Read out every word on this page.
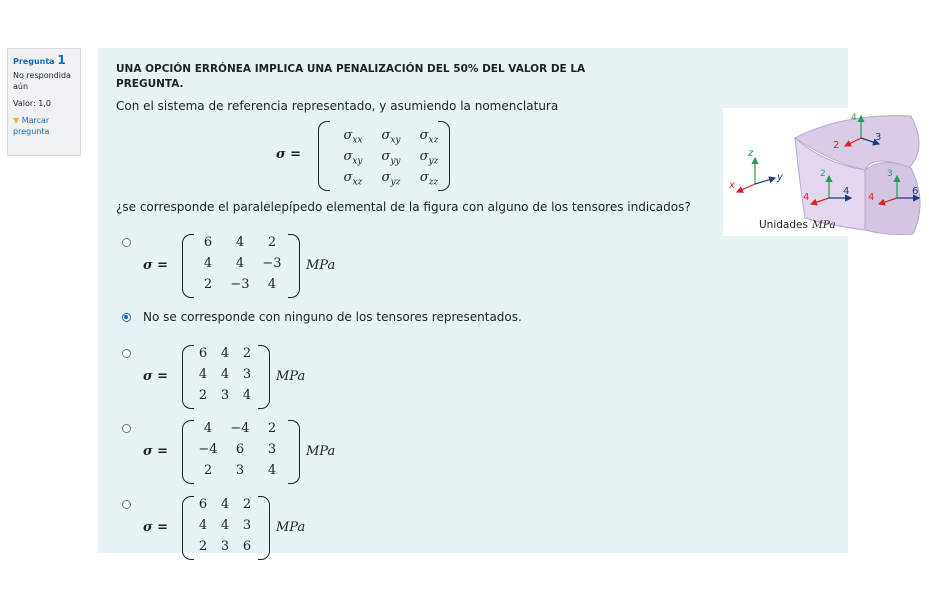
Pregunta 1
No respondida aún
Valor: 1,0
▼ Marcar pregunta
UNA OPCIÓN ERRÓNEA IMPLICA UNA PENALIZACIÓN DEL 50% DEL VALOR DE LA PREGUNTA.
Con el sistema de referencia representado, y asumiendo la nomenclatura
σ =
$\sigma_{xx}$	$\sigma_{xy}$	$\sigma_{xz}$
$\sigma_{xy}$	$\sigma_{yy}$	$\sigma_{yz}$
$\sigma_{xz}$	$\sigma_{yz}$	$\sigma_{zz}$
¿se corresponde el paralelepípedo elemental de la figura con alguno de los tensores indicados?
σ =
6	4	2
4	4	−3
2	−3	4
MPa
No se corresponde con ninguno de los tensores representados.
σ =
6	4	2
4	4	3
2	3	4
MPa
σ =
4	−4	2
−4	6	3
2	3	4
MPa
σ =
6	4	2
4	4	3
2	3	6
MPa
z
y
x
4
3
2
2
4
4
3
6
4
Unidades MPa
